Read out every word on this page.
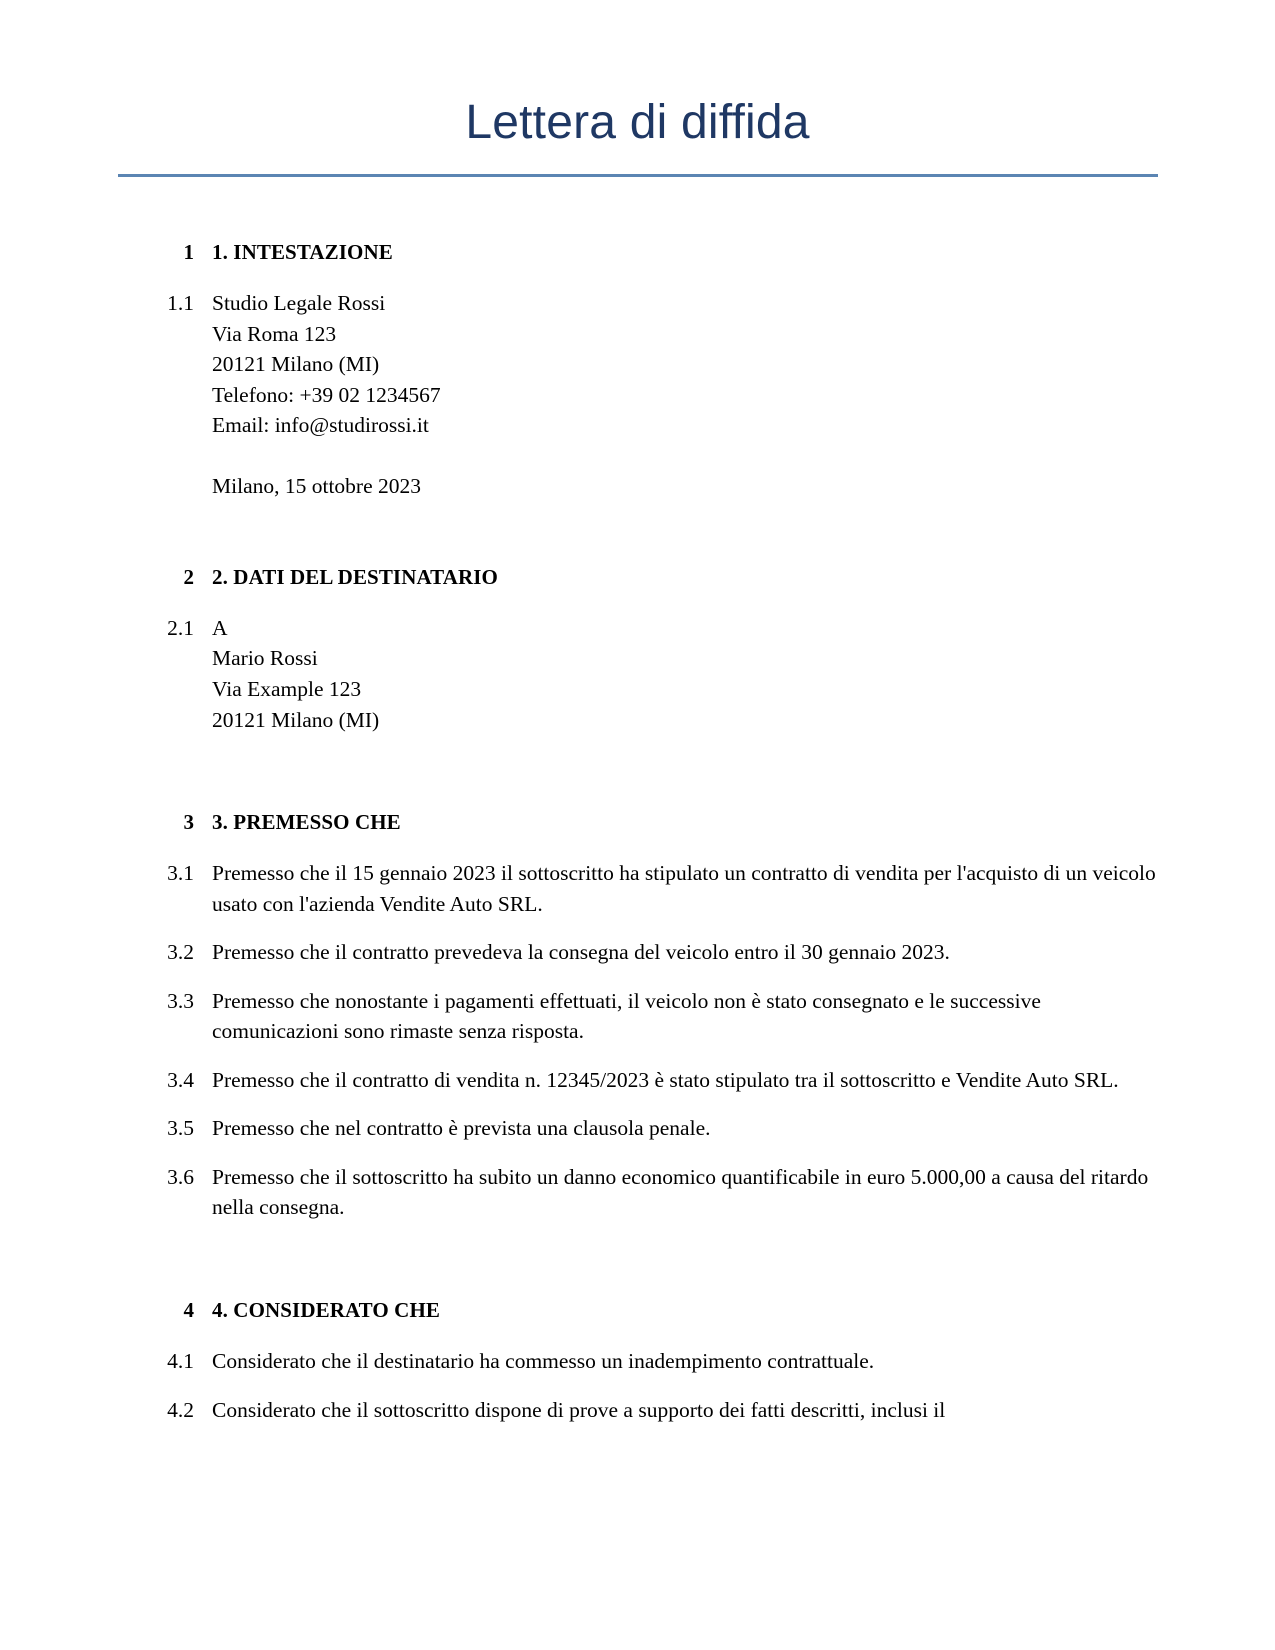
Lettera di diffida
1 1. INTESTAZIONE
1.1 Studio Legale Rossi
Via Roma 123
20121 Milano (MI)
Telefono: +39 02 1234567
Email: info@studirossi.it
Milano, 15 ottobre 2023
2 2. DATI DEL DESTINATARIO
2.1 A
Mario Rossi
Via Example 123
20121 Milano (MI)
3 3. PREMESSO CHE
3.1 Premesso che il 15 gennaio 2023 il sottoscritto ha stipulato un contratto di vendita per l'acquisto di un veicolo usato con l'azienda Vendite Auto SRL.
3.2 Premesso che il contratto prevedeva la consegna del veicolo entro il 30 gennaio 2023.
3.3 Premesso che nonostante i pagamenti effettuati, il veicolo non è stato consegnato e le successive comunicazioni sono rimaste senza risposta.
3.4 Premesso che il contratto di vendita n. 12345/2023 è stato stipulato tra il sottoscritto e Vendite Auto SRL.
3.5 Premesso che nel contratto è prevista una clausola penale.
3.6 Premesso che il sottoscritto ha subito un danno economico quantificabile in euro 5.000,00 a causa del ritardo nella consegna.
4 4. CONSIDERATO CHE
4.1 Considerato che il destinatario ha commesso un inadempimento contrattuale.
4.2 Considerato che il sottoscritto dispone di prove a supporto dei fatti descritti, inclusi il
